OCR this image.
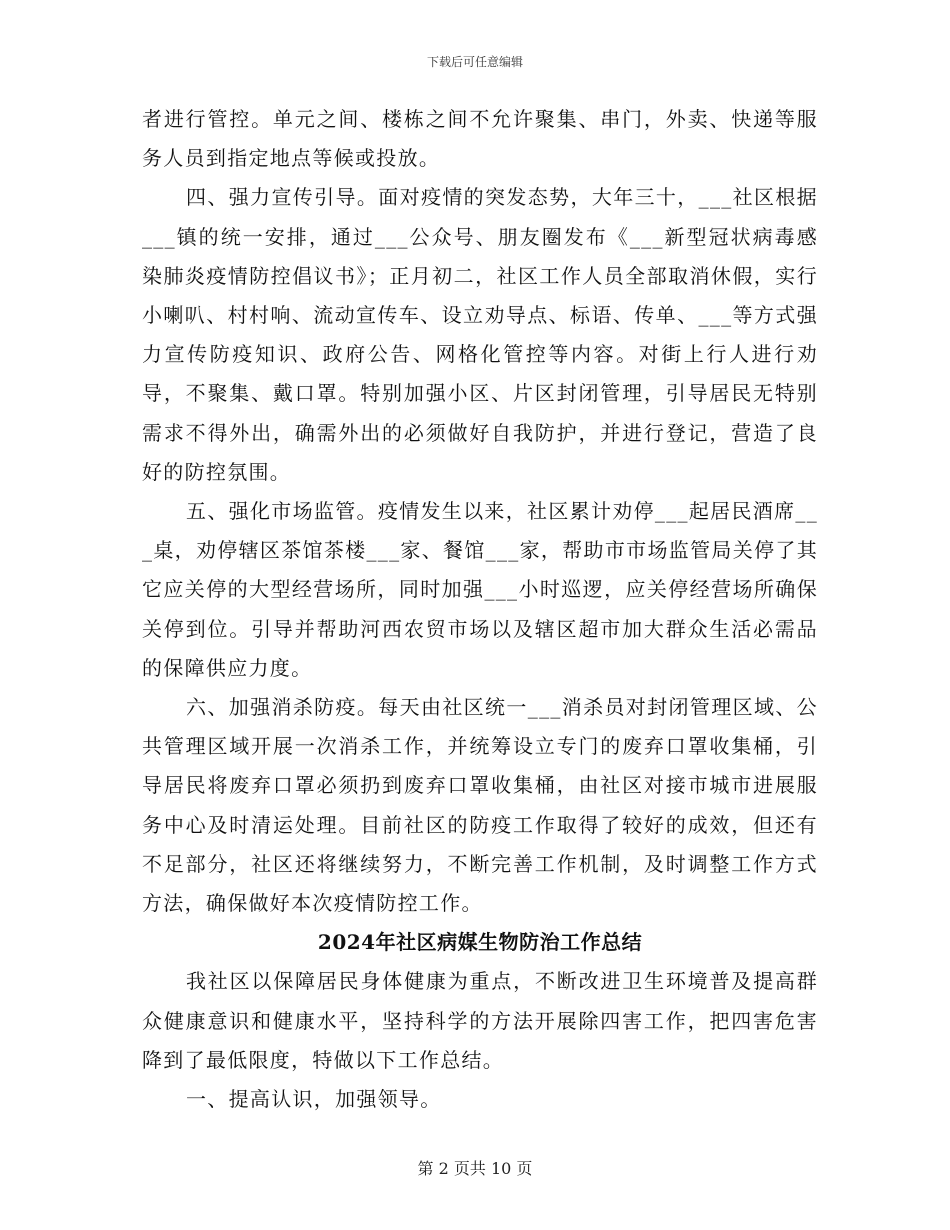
下载后可任意编辑

者进行管控。单元之间、楼栋之间不允许聚集、串门，外卖、快递等服务人员到指定地点等候或投放。

四、强力宣传引导。面对疫情的突发态势，大年三十，___社区根据___镇的统一安排，通过___公众号、朋友圈发布《___新型冠状病毒感染肺炎疫情防控倡议书》；正月初二，社区工作人员全部取消休假，实行小喇叭、村村响、流动宣传车、设立劝导点、标语、传单、___等方式强力宣传防疫知识、政府公告、网格化管控等内容。对街上行人进行劝导，不聚集、戴口罩。特别加强小区、片区封闭管理，引导居民无特别需求不得外出，确需外出的必须做好自我防护，并进行登记，营造了良好的防控氛围。

五、强化市场监管。疫情发生以来，社区累计劝停___起居民酒席___桌，劝停辖区茶馆茶楼___家、餐馆___家，帮助市市场监管局关停了其它应关停的大型经营场所，同时加强___小时巡逻，应关停经营场所确保关停到位。引导并帮助河西农贸市场以及辖区超市加大群众生活必需品的保障供应力度。

六、加强消杀防疫。每天由社区统一___消杀员对封闭管理区域、公共管理区域开展一次消杀工作，并统筹设立专门的废弃口罩收集桶，引导居民将废弃口罩必须扔到废弃口罩收集桶，由社区对接市城市进展服务中心及时清运处理。目前社区的防疫工作取得了较好的成效，但还有不足部分，社区还将继续努力，不断完善工作机制，及时调整工作方式方法，确保做好本次疫情防控工作。

2024年社区病媒生物防治工作总结

我社区以保障居民身体健康为重点，不断改进卫生环境普及提高群众健康意识和健康水平，坚持科学的方法开展除四害工作，把四害危害降到了最低限度，特做以下工作总结。

一、提高认识，加强领导。

第 2 页共 10 页
